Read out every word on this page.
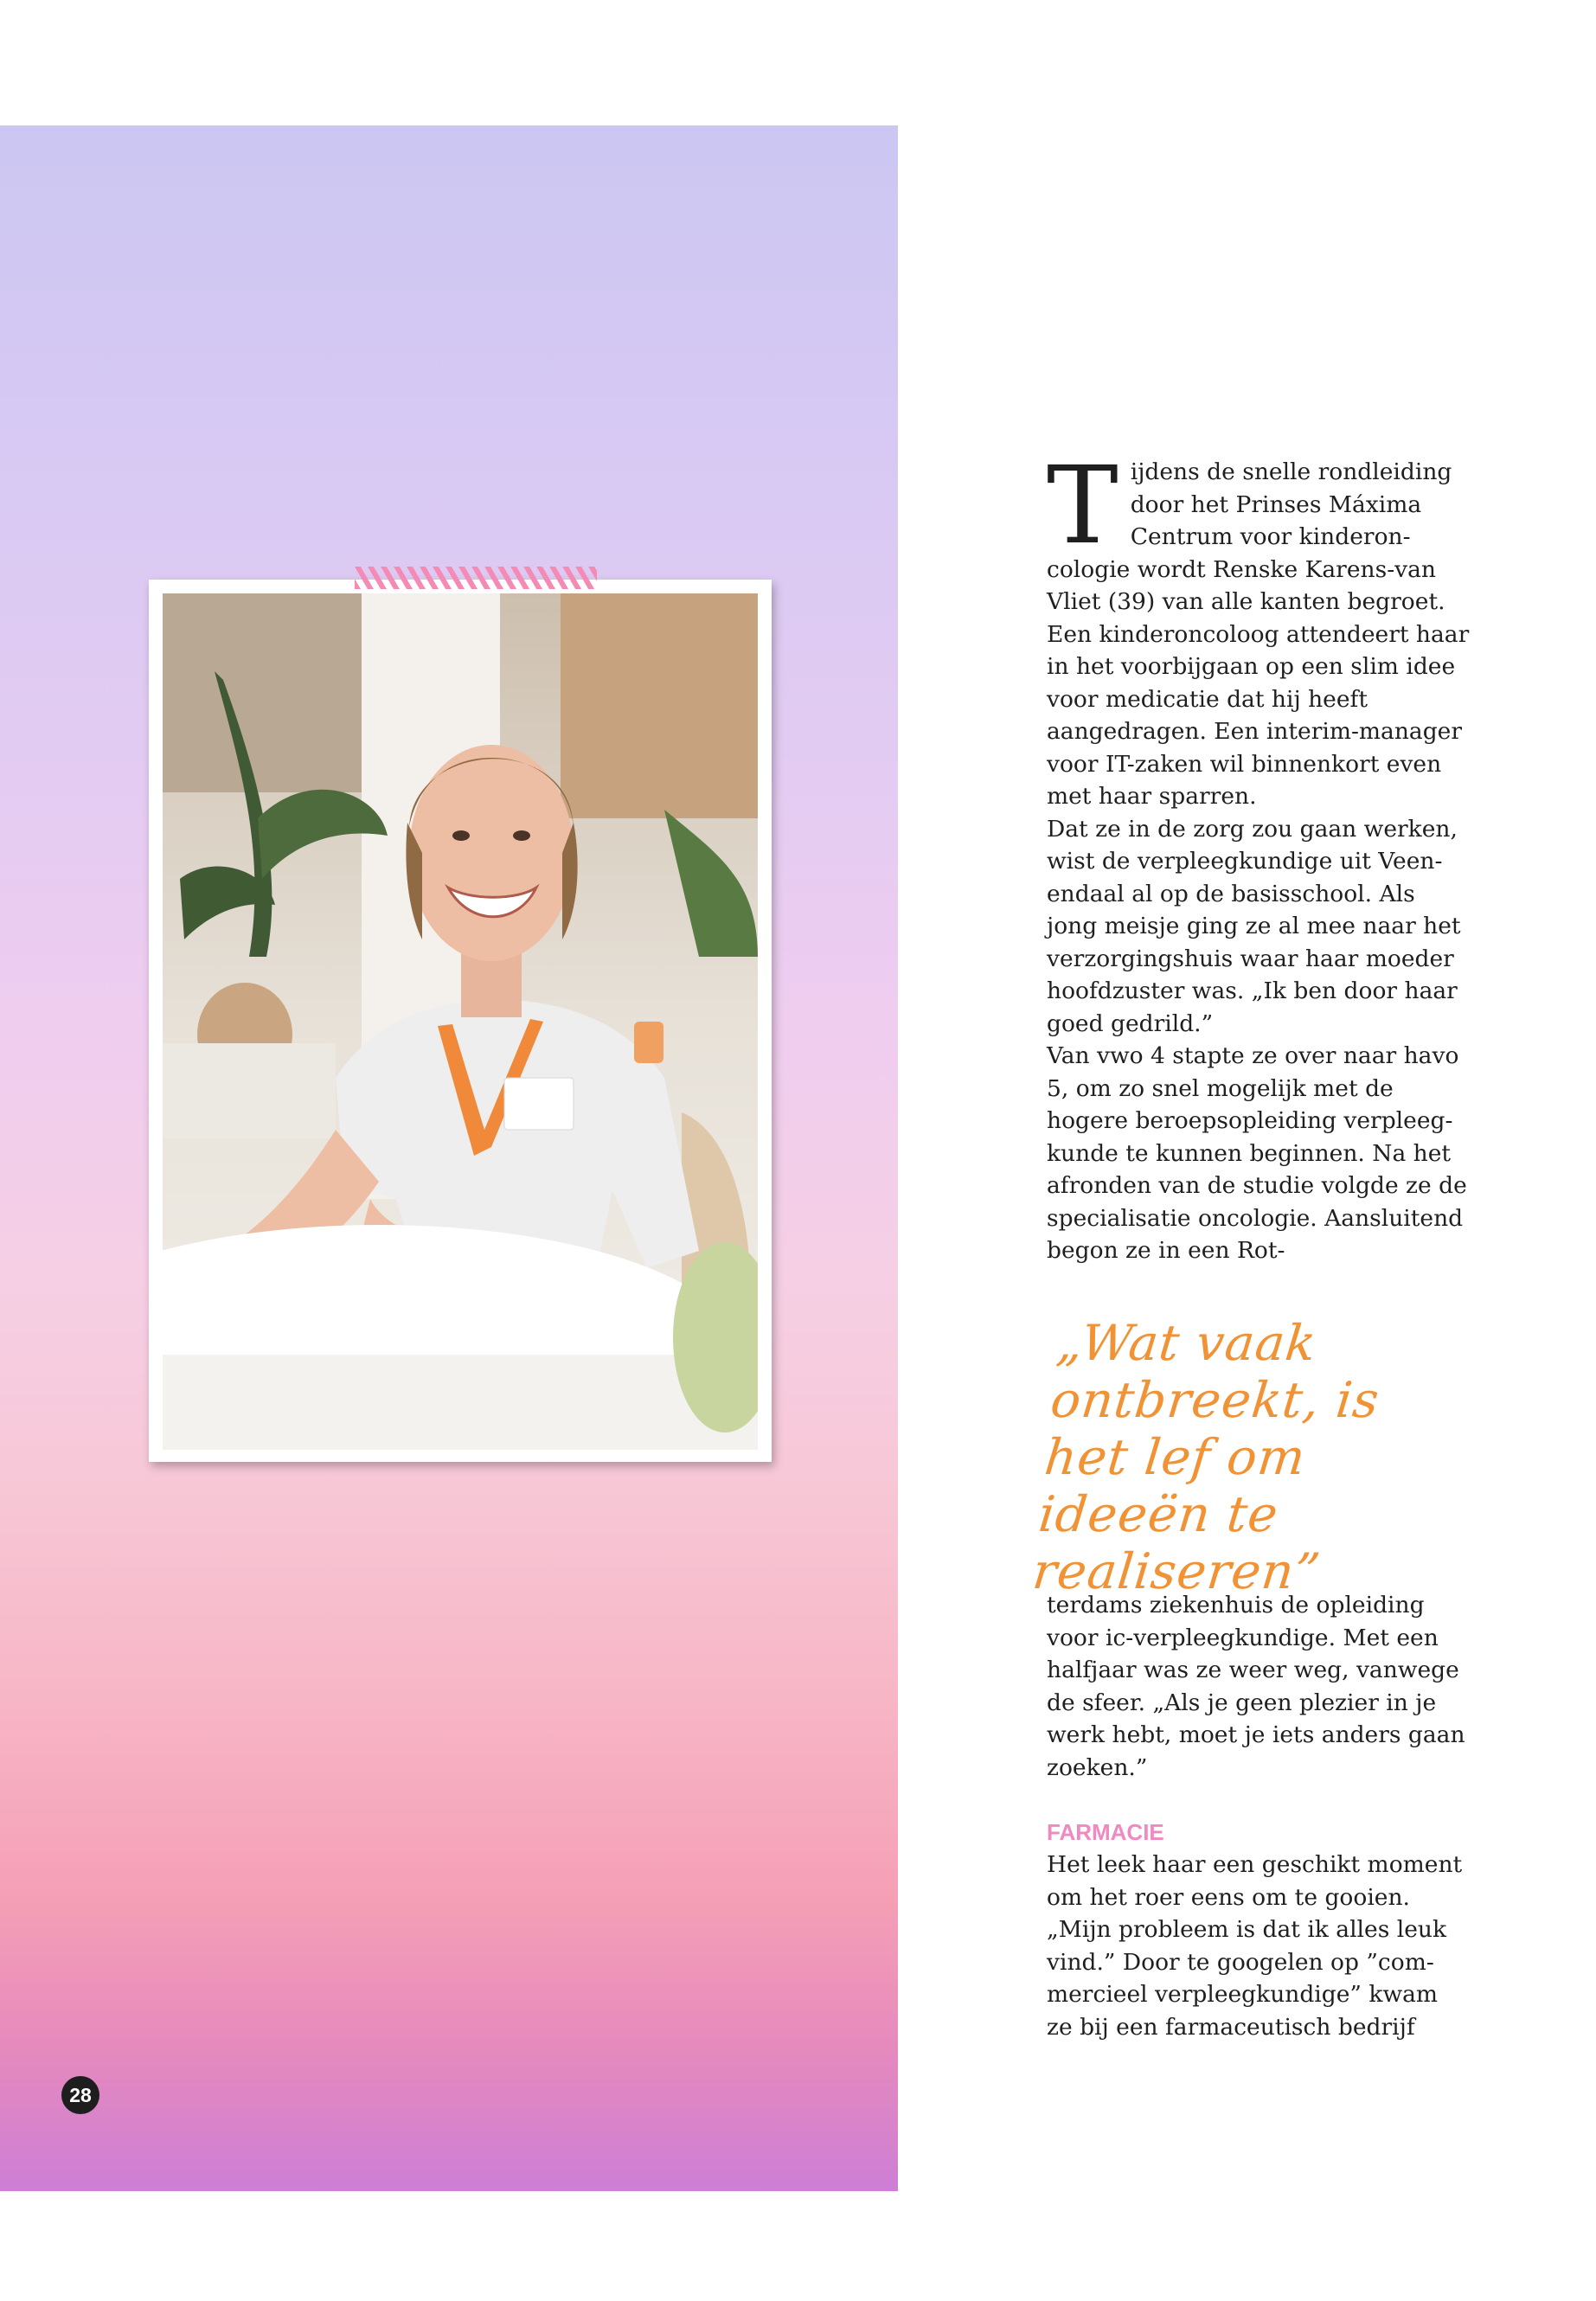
28
T ijdens de snelle rondleiding door het Prinses Máxima Centrum voor kinderoncologie wordt Renske Karens-van Vliet (39) van alle kanten begroet. Een kinderoncoloog attendeert haar in het voorbijgaan op een slim idee voor medicatie dat hij heeft aangedragen. Een interim-manager voor IT-zaken wil binnenkort even met haar sparren.

Dat ze in de zorg zou gaan werken, wist de verpleegkundige uit Veenendaal al op de basisschool. Als jong meisje ging ze al mee naar het verzorgingshuis waar haar moeder hoofdzuster was. „Ik ben door haar goed gedrild.”

Van vwo 4 stapte ze over naar havo 5, om zo snel mogelijk met de hogere beroepsopleiding verpleegkunde te kunnen beginnen. Na het afronden van de studie volgde ze de specialisatie oncologie. Aansluitend begon ze in een Rot-

„Wat vaak ontbreekt, is het lef om ideeën te realiseren”

terdams ziekenhuis de opleiding voor ic-verpleegkundige. Met een halfjaar was ze weer weg, vanwege de sfeer. „Als je geen plezier in je werk hebt, moet je iets anders gaan zoeken.”

FARMACIE

Het leek haar een geschikt moment om het roer eens om te gooien. „Mijn probleem is dat ik alles leuk vind.” Door te googelen op ”commercieel verpleegkundige” kwam ze bij een farmaceutisch bedrijf
